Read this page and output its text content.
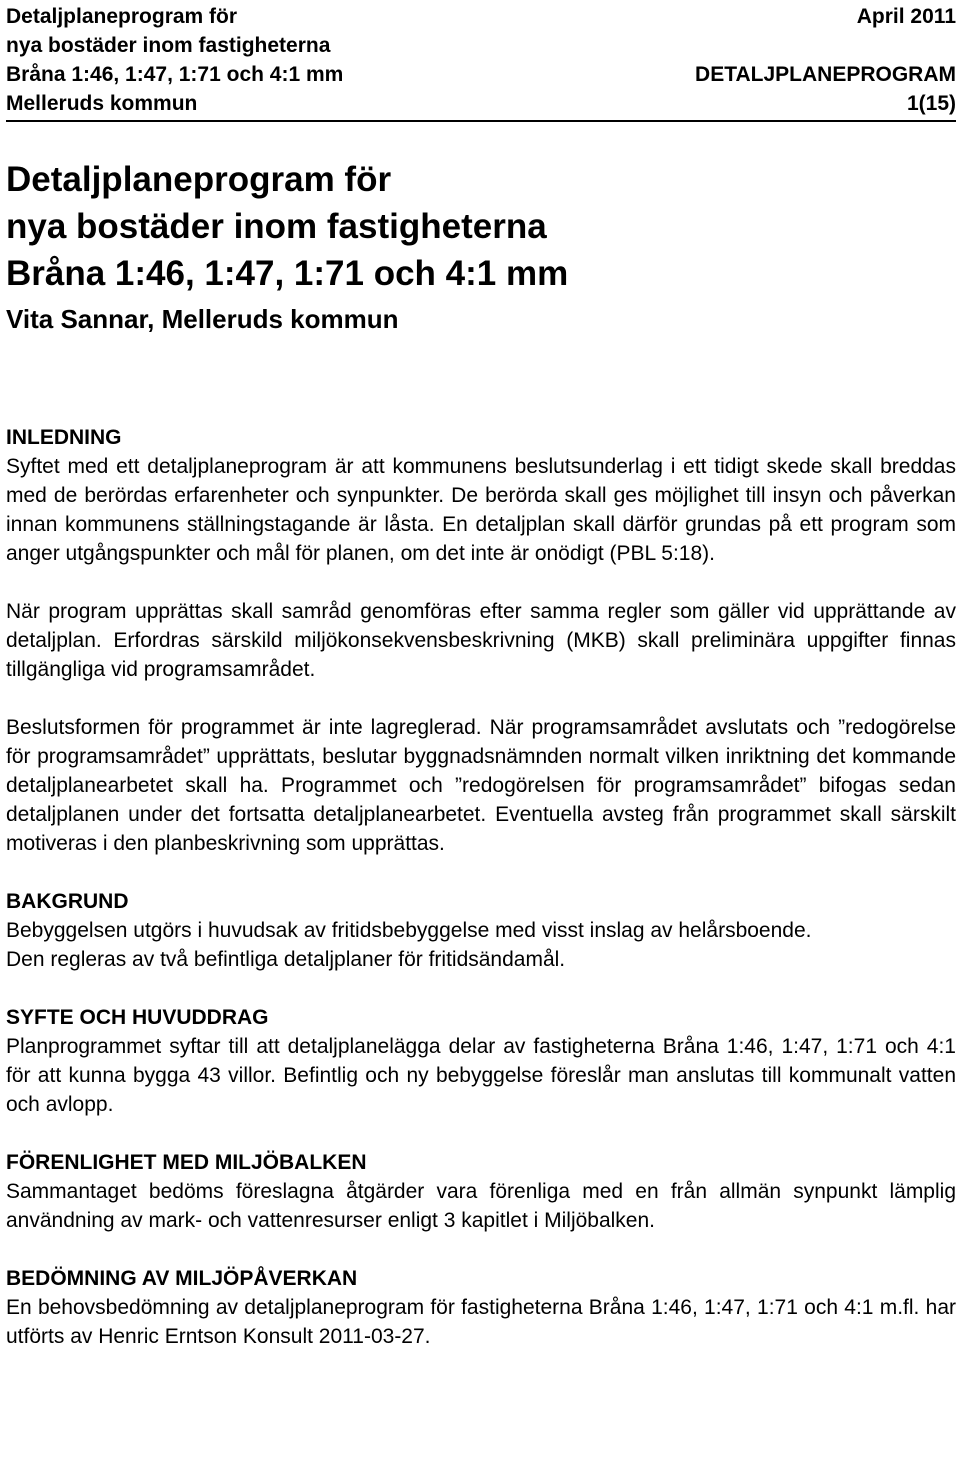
Detaljplaneprogram för	April 2011
nya bostäder inom fastigheterna
Bråna 1:46, 1:47, 1:71 och 4:1 mm	DETALJPLANEPROGRAM
Melleruds kommun	1(15)
Detaljplaneprogram för
nya bostäder inom fastigheterna
Bråna 1:46, 1:47, 1:71 och 4:1 mm
Vita Sannar, Melleruds kommun
INLEDNING

Syftet med ett detaljplaneprogram är att kommunens beslutsunderlag i ett tidigt skede skall breddas med de berördas erfarenheter och synpunkter. De berörda skall ges möjlighet till insyn och påverkan innan kommunens ställningstagande är låsta. En detaljplan skall därför grundas på ett program som anger utgångspunkter och mål för planen, om det inte är onödigt (PBL 5:18).

När program upprättas skall samråd genomföras efter samma regler som gäller vid upprättande av detaljplan. Erfordras särskild miljökonsekvensbeskrivning (MKB) skall preliminära uppgifter finnas tillgängliga vid programsamrådet.

Beslutsformen för programmet är inte lagreglerad. När programsamrådet avslutats och ”redogörelse för programsamrådet” upprättats, beslutar byggnadsnämnden normalt vilken inriktning det kommande detaljplanearbetet skall ha. Programmet och ”redogörelsen för programsamrådet” bifogas sedan detaljplanen under det fortsatta detaljplanearbetet. Eventuella avsteg från programmet skall särskilt motiveras i den planbeskrivning som upprättas.

BAKGRUND

Bebyggelsen utgörs i huvudsak av fritidsbebyggelse med visst inslag av helårsboende.

Den regleras av två befintliga detaljplaner för fritidsändamål.

SYFTE OCH HUVUDDRAG

Planprogrammet syftar till att detaljplanelägga delar av fastigheterna Bråna 1:46, 1:47, 1:71 och 4:1 för att kunna bygga 43 villor. Befintlig och ny bebyggelse föreslår man anslutas till kommunalt vatten och avlopp.

FÖRENLIGHET MED MILJÖBALKEN

Sammantaget bedöms föreslagna åtgärder vara förenliga med en från allmän synpunkt lämplig användning av mark- och vattenresurser enligt 3 kapitlet i Miljöbalken.

BEDÖMNING AV MILJÖPÅVERKAN

En behovsbedömning av detaljplaneprogram för fastigheterna Bråna 1:46, 1:47, 1:71 och 4:1 m.fl. har utförts av Henric Erntson Konsult 2011-03-27.
